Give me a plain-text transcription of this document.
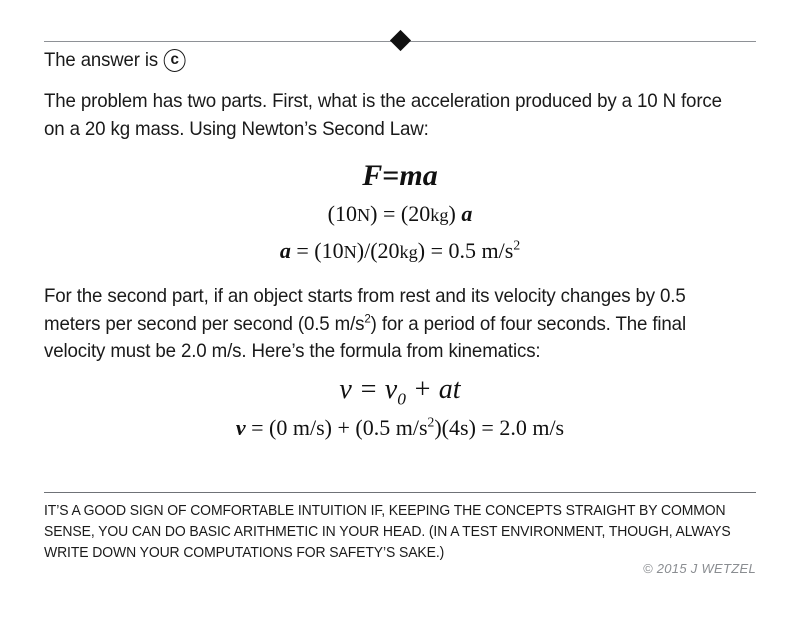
The answer is c
The problem has two parts. First, what is the acceleration produced by a 10 N force on a 20 kg mass. Using Newton’s Second Law:
F=ma
(10N) = (20kg) a
a = (10N)/(20kg) = 0.5 $m/s^2$
For the second part, if an object starts from rest and its velocity changes by 0.5 meters per second per second (0.5 $m/s^2$) for a period of four seconds. The final velocity must be 2.0 m/s. Here’s the formula from kinematics:
$v = v_0$ + at
v = (0 m/s) + (0.5 $m/s^2)(4s) = 2.0$ m/s
IT’S A GOOD SIGN OF COMFORTABLE INTUITION IF, KEEPING THE CONCEPTS STRAIGHT BY COMMON SENSE, YOU CAN DO BASIC ARITHMETIC IN YOUR HEAD. (IN A TEST ENVIRONMENT, THOUGH, ALWAYS WRITE DOWN YOUR COMPUTATIONS FOR SAFETY’S SAKE.)
© 2015 J WETZEL
